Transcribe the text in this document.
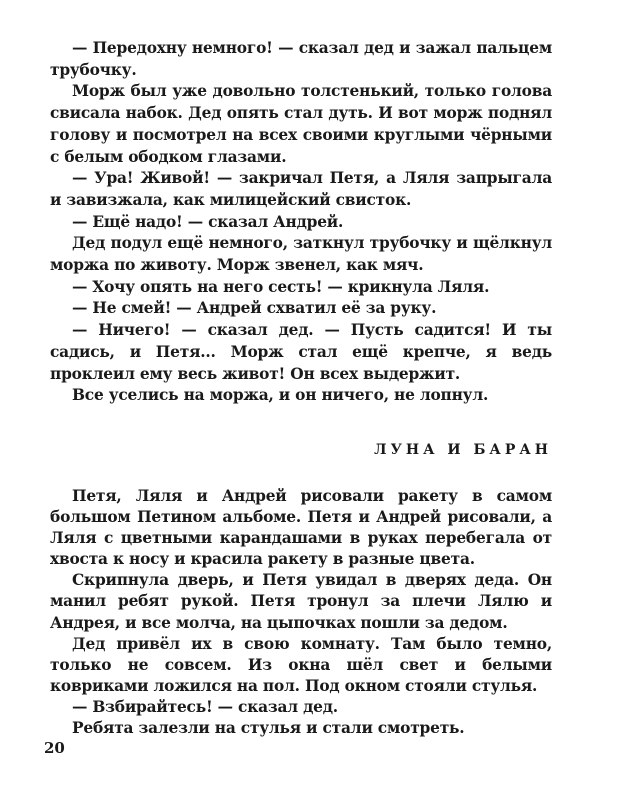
— Передохну немного! — сказал дед и зажал пальцем трубочку.

Морж был уже довольно толстенький, только голова свисала набок. Дед опять стал дуть. И вот морж поднял голову и посмотрел на всех своими круглыми чёрными с белым ободком глазами.

— Ура! Живой! — закричал Петя, а Ляля запрыгала и завизжала, как милицейский свисток.

— Ещё надо! — сказал Андрей.

Дед подул ещё немного, заткнул трубочку и щёлкнул моржа по животу. Морж звенел, как мяч.

— Хочу опять на него сесть! — крикнула Ляля.

— Не смей! — Андрей схватил её за руку.

— Ничего! — сказал дед. — Пусть садится! И ты садись, и Петя... Морж стал ещё крепче, я ведь проклеил ему весь живот! Он всех выдержит.

Все уселись на моржа, и он ничего, не лопнул.

ЛУНА И БАРАН

Петя, Ляля и Андрей рисовали ракету в самом большом Петином альбоме. Петя и Андрей рисовали, а Ляля с цветными карандашами в руках перебегала от хвоста к носу и красила ракету в разные цвета.

Скрипнула дверь, и Петя увидал в дверях деда. Он манил ребят рукой. Петя тронул за плечи Лялю и Андрея, и все молча, на цыпочках пошли за дедом.

Дед привёл их в свою комнату. Там было темно, только не совсем. Из окна шёл свет и белыми ковриками ложился на пол. Под окном стояли стулья.

— Взбирайтесь! — сказал дед.

Ребята залезли на стулья и стали смотреть.

20
